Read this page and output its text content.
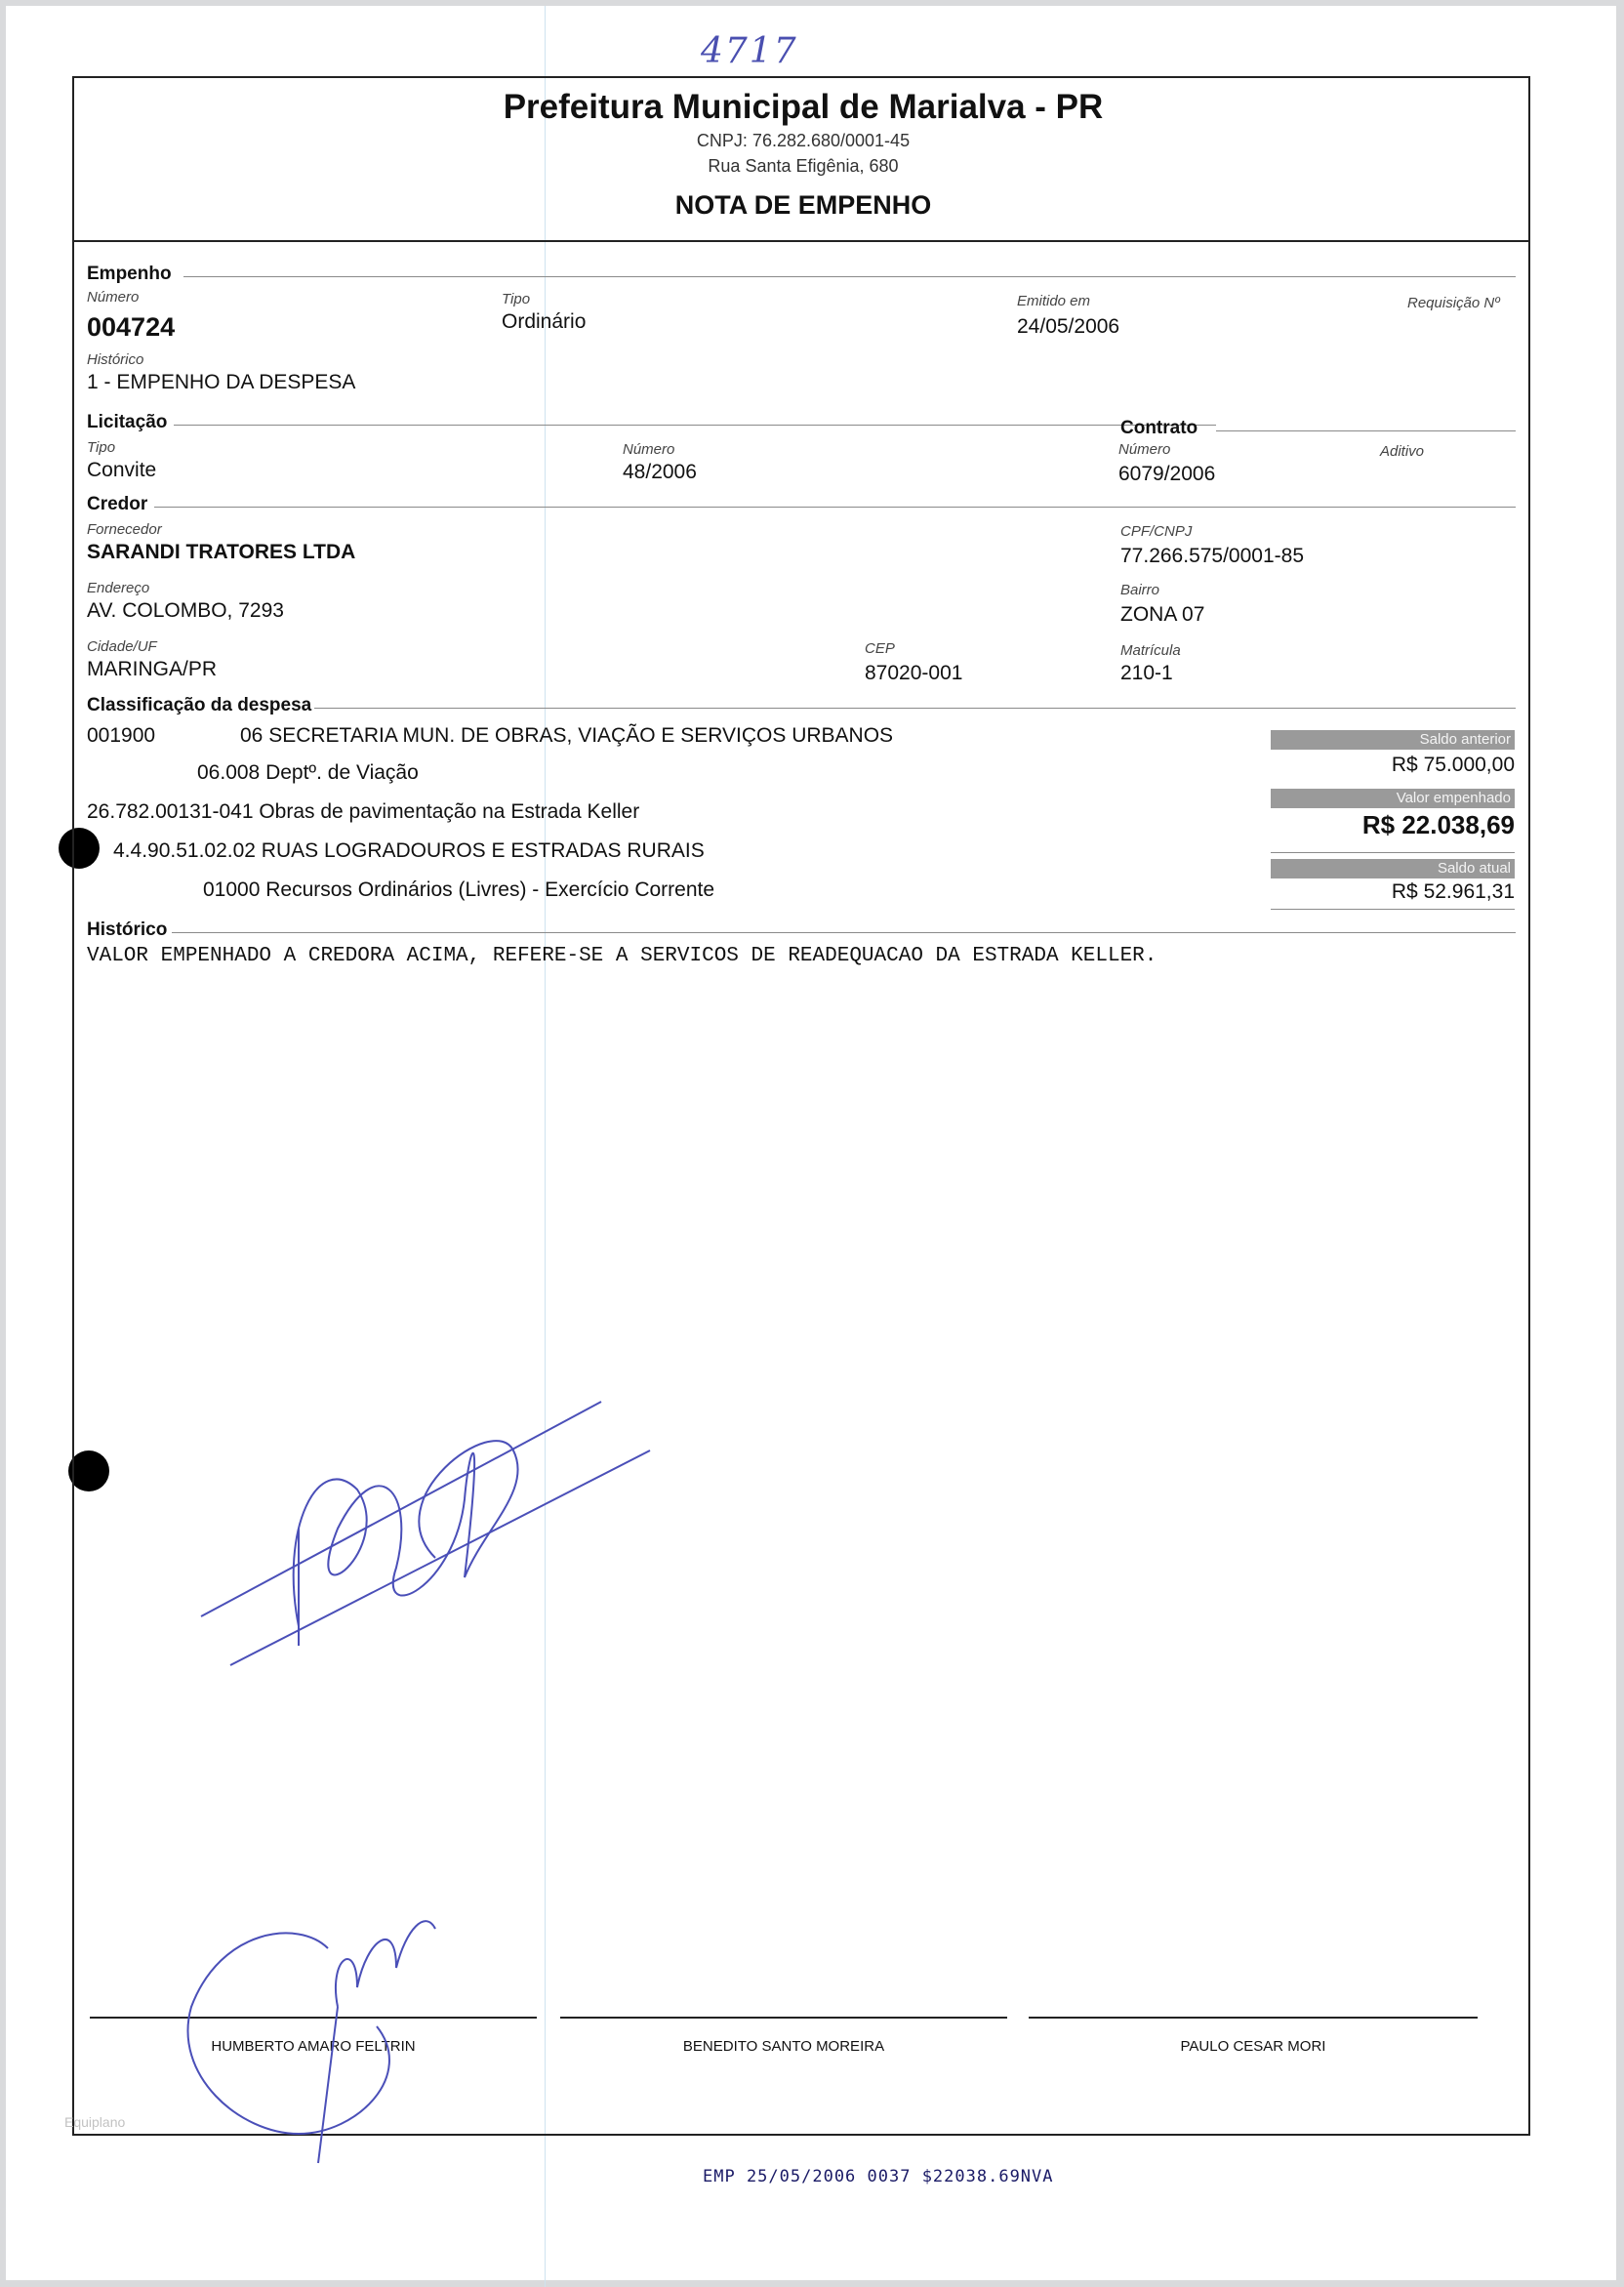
4717
Prefeitura Municipal de Marialva - PR
CNPJ: 76.282.680/0001-45
Rua Santa Efigênia, 680
NOTA DE EMPENHO
Empenho
Número
004724
Tipo
Ordinário
Emitido em
24/05/2006
Requisição Nº
Histórico
1 - EMPENHO DA DESPESA
Licitação	Contrato
Tipo
Convite
Número
48/2006
Número
6079/2006
Aditivo
Credor
Fornecedor
SARANDI TRATORES LTDA
CPF/CNPJ
77.266.575/0001-85
Endereço
AV. COLOMBO, 7293
Bairro
ZONA 07
Cidade/UF
MARINGA/PR
CEP
87020-001
Matrícula
210-1
Classificação da despesa
001900	06 SECRETARIA MUN. DE OBRAS, VIAÇÃO E SERVIÇOS URBANOS
06.008 Deptº. de Viação
26.782.00131-041 Obras de pavimentação na Estrada Keller
4.4.90.51.02.02 RUAS LOGRADOUROS E ESTRADAS RURAIS
01000 Recursos Ordinários (Livres) - Exercício Corrente
Saldo anterior
R$ 75.000,00
Valor empenhado
R$ 22.038,69
Saldo atual
R$ 52.961,31
Histórico
VALOR EMPENHADO A CREDORA ACIMA, REFERE-SE A SERVICOS DE READEQUACAO DA ESTRADA KELLER.
HUMBERTO AMARO FELTRIN	BENEDITO SANTO MOREIRA	PAULO CESAR MORI
Equiplano
EMP 25/05/2006 0037 $22038.69NVA
